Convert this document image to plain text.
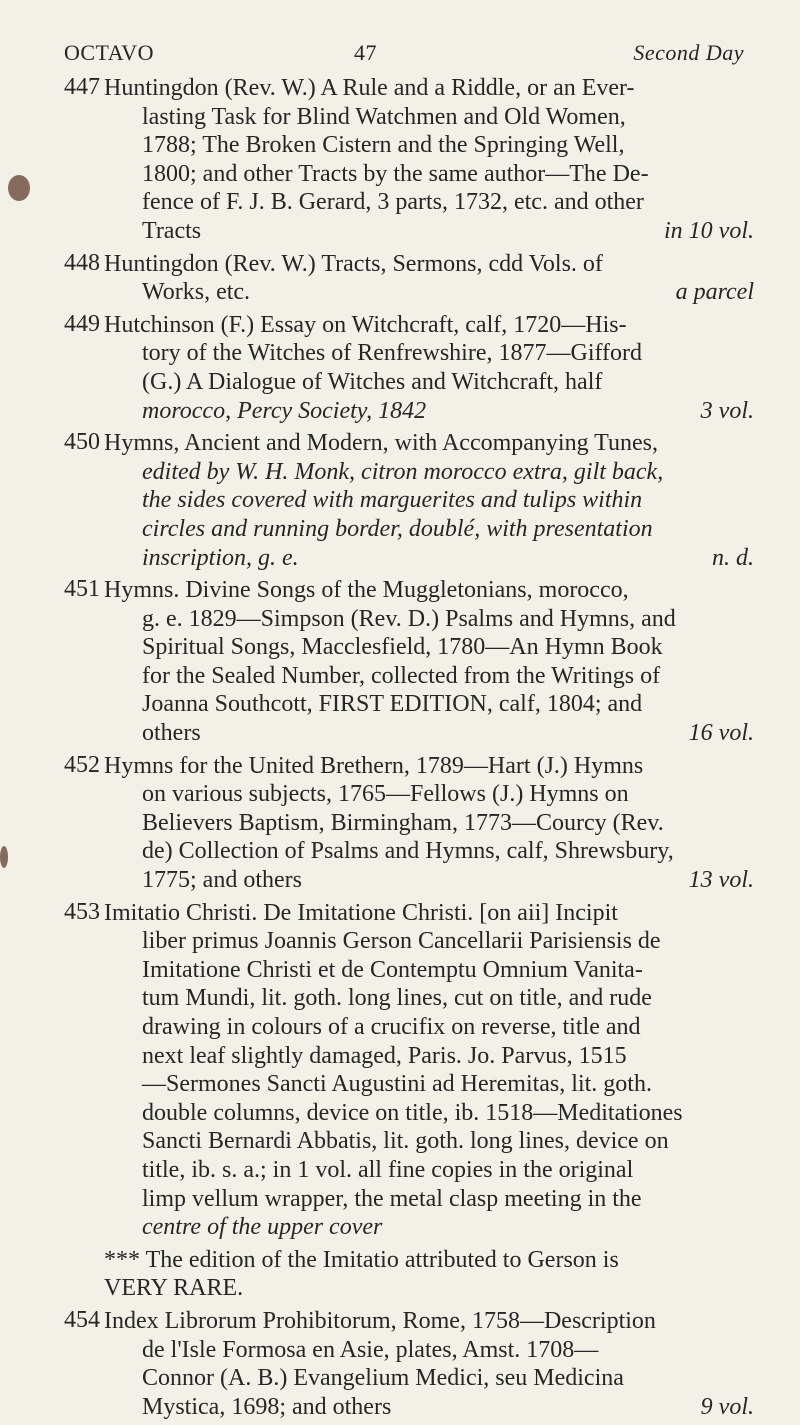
OCTAVO	47	Second Day
447 Huntingdon (Rev. W.) A Rule and a Riddle, or an Ever-
lasting Task for Blind Watchmen and Old Women,
1788; The Broken Cistern and the Springing Well,
1800; and other Tracts by the same author—The De-
fence of F. J. B. Gerard, 3 parts, 1732, etc. and other
Tracts	in 10 vol.
448 Huntingdon (Rev. W.) Tracts, Sermons, cdd Vols. of
Works, etc.	a parcel
449 Hutchinson (F.) Essay on Witchcraft, calf, 1720—His-
tory of the Witches of Renfrewshire, 1877—Gifford
(G.) A Dialogue of Witches and Witchcraft, half
morocco, Percy Society, 1842	3 vol.
450 Hymns, Ancient and Modern, with Accompanying Tunes,
edited by W. H. Monk, citron morocco extra, gilt back,
the sides covered with marguerites and tulips within
circles and running border, doublé, with presentation
inscription, g. e.	n. d.
451 Hymns. Divine Songs of the Muggletonians, morocco,
g. e. 1829—Simpson (Rev. D.) Psalms and Hymns, and
Spiritual Songs, Macclesfield, 1780—An Hymn Book
for the Sealed Number, collected from the Writings of
Joanna Southcott, FIRST EDITION, calf, 1804; and
others	16 vol.
452 Hymns for the United Brethern, 1789—Hart (J.) Hymns
on various subjects, 1765—Fellows (J.) Hymns on
Believers Baptism, Birmingham, 1773—Courcy (Rev.
de) Collection of Psalms and Hymns, calf, Shrewsbury,
1775; and others	13 vol.
453 Imitatio Christi. De Imitatione Christi. [on aii] Incipit
liber primus Joannis Gerson Cancellarii Parisiensis de
Imitatione Christi et de Contemptu Omnium Vanita-
tum Mundi, lit. goth. long lines, cut on title, and rude
drawing in colours of a crucifix on reverse, title and
next leaf slightly damaged, Paris. Jo. Parvus, 1515
—Sermones Sancti Augustini ad Heremitas, lit. goth.
double columns, device on title, ib. 1518—Meditationes
Sancti Bernardi Abbatis, lit. goth. long lines, device on
title, ib. s. a.; in 1 vol. all fine copies in the original
limp vellum wrapper, the metal clasp meeting in the
centre of the upper cover
*** The edition of the Imitatio attributed to Gerson is
VERY RARE.
454 Index Librorum Prohibitorum, Rome, 1758—Description
de l'Isle Formosa en Asie, plates, Amst. 1708—
Connor (A. B.) Evangelium Medici, seu Medicina
Mystica, 1698; and others	9 vol.
